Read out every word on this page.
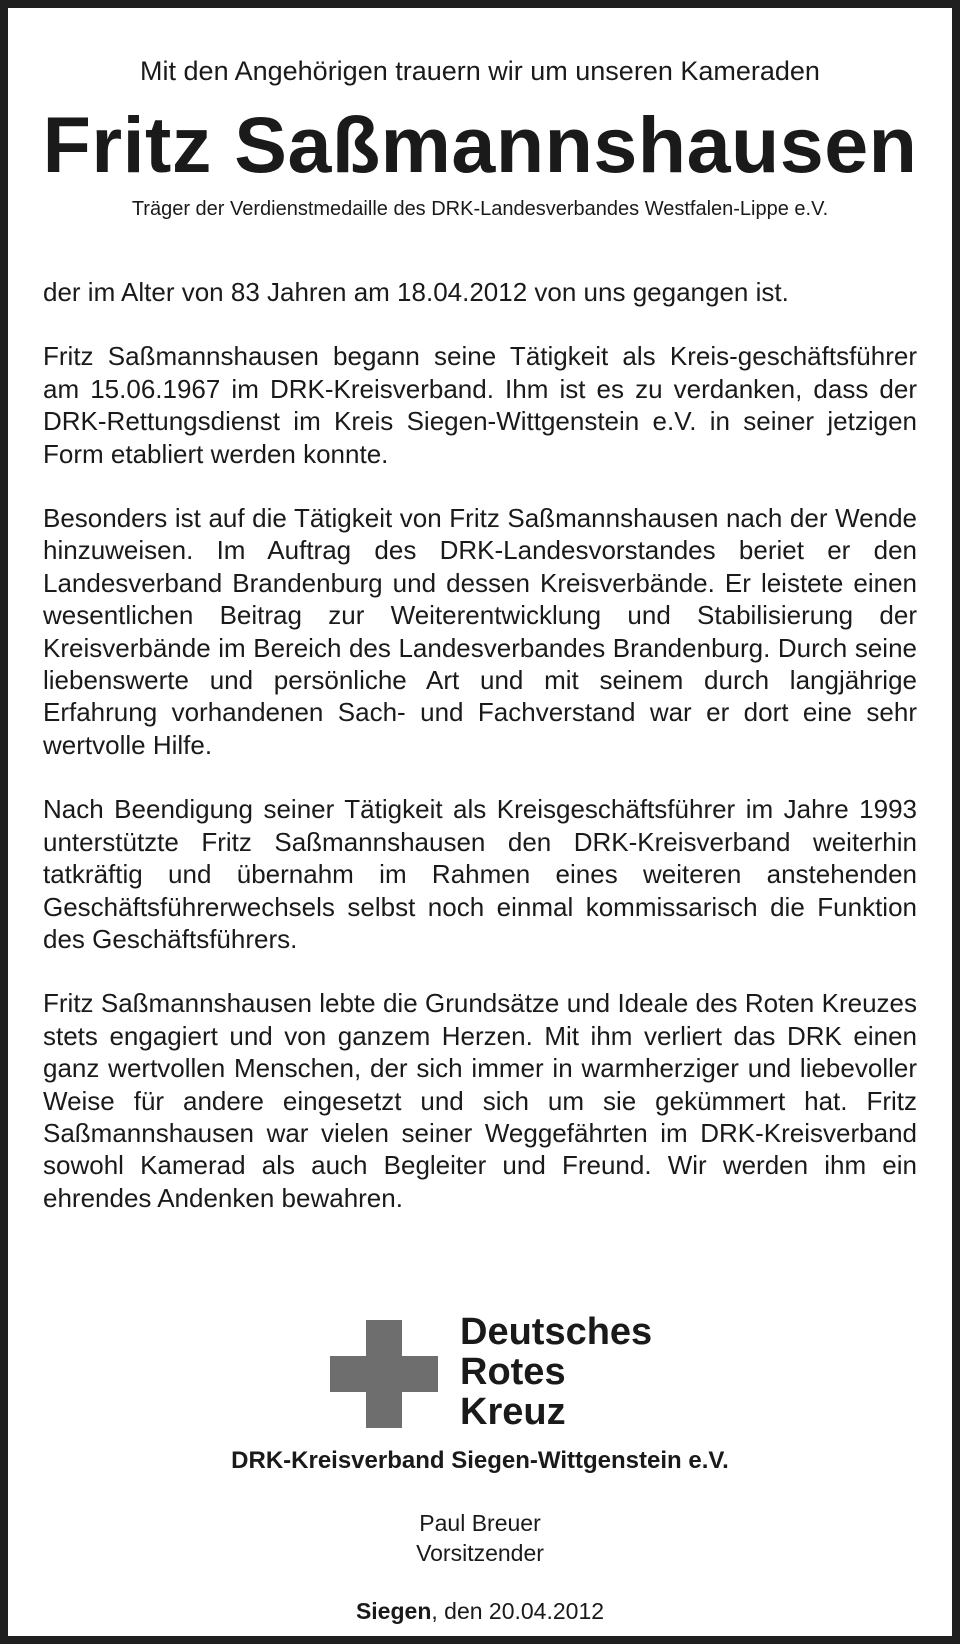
Mit den Angehörigen trauern wir um unseren Kameraden
Fritz Saßmannshausen
Träger der Verdienstmedaille des DRK-Landesverbandes Westfalen-Lippe e.V.

der im Alter von 83 Jahren am 18.04.2012 von uns gegangen ist.

Fritz Saßmannshausen begann seine Tätigkeit als Kreis-geschäftsführer am 15.06.1967 im DRK-Kreisverband. Ihm ist es zu verdanken, dass der DRK-Rettungsdienst im Kreis Siegen-Wittgenstein e.V. in seiner jetzigen Form etabliert werden konnte.

Besonders ist auf die Tätigkeit von Fritz Saßmannshausen nach der Wende hinzuweisen. Im Auftrag des DRK-Landesvorstandes beriet er den Landesverband Brandenburg und dessen Kreisverbände. Er leistete einen wesentlichen Beitrag zur Weiterentwicklung und Stabilisierung der Kreisverbände im Bereich des Landesverbandes Brandenburg. Durch seine liebenswerte und persönliche Art und mit seinem durch langjährige Erfahrung vorhandenen Sach- und Fachverstand war er dort eine sehr wertvolle Hilfe.

Nach Beendigung seiner Tätigkeit als Kreisgeschäftsführer im Jahre 1993 unterstützte Fritz Saßmannshausen den DRK-Kreisverband weiterhin tatkräftig und übernahm im Rahmen eines weiteren anstehenden Geschäftsführerwechsels selbst noch einmal kommissarisch die Funktion des Geschäftsführers.

Fritz Saßmannshausen lebte die Grundsätze und Ideale des Roten Kreuzes stets engagiert und von ganzem Herzen. Mit ihm verliert das DRK einen ganz wertvollen Menschen, der sich immer in warmherziger und liebevoller Weise für andere eingesetzt und sich um sie gekümmert hat. Fritz Saßmannshausen war vielen seiner Weggefährten im DRK-Kreisverband sowohl Kamerad als auch Begleiter und Freund. Wir werden ihm ein ehrendes Andenken bewahren.

Deutsches
Rotes
Kreuz
DRK-Kreisverband Siegen-Wittgenstein e.V.
Paul Breuer
Vorsitzender
Siegen, den 20.04.2012
